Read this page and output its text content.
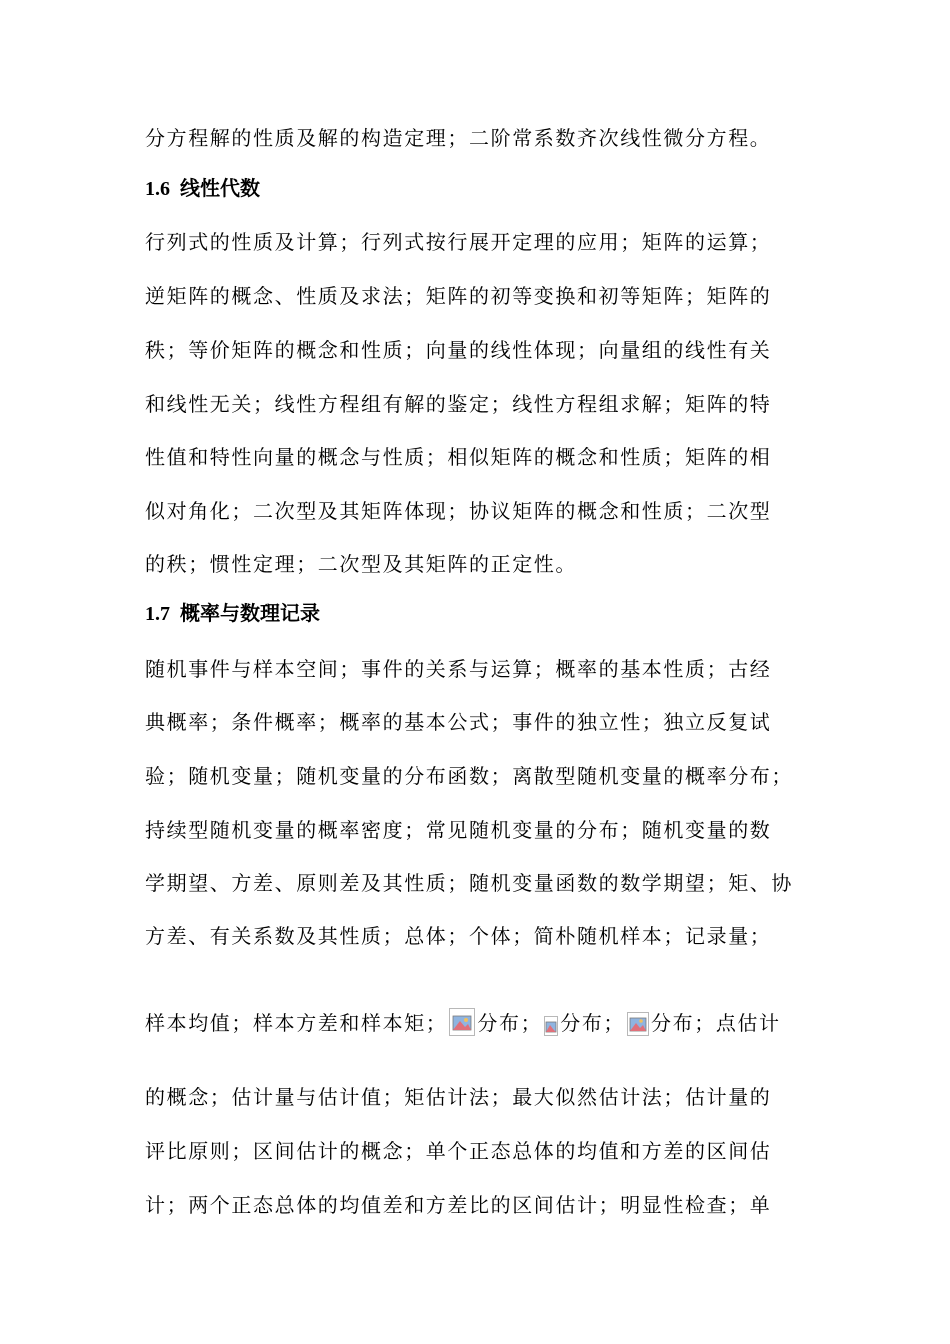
分方程解的性质及解的构造定理；二阶常系数齐次线性微分方程。
1.6 线性代数
行列式的性质及计算；行列式按行展开定理的应用；矩阵的运算；
逆矩阵的概念、性质及求法；矩阵的初等变换和初等矩阵；矩阵的
秩；等价矩阵的概念和性质；向量的线性体现；向量组的线性有关
和线性无关；线性方程组有解的鉴定；线性方程组求解；矩阵的特
性值和特性向量的概念与性质；相似矩阵的概念和性质；矩阵的相
似对角化；二次型及其矩阵体现；协议矩阵的概念和性质；二次型
的秩；惯性定理；二次型及其矩阵的正定性。
1.7 概率与数理记录
随机事件与样本空间；事件的关系与运算；概率的基本性质；古经
典概率；条件概率；概率的基本公式；事件的独立性；独立反复试
验；随机变量；随机变量的分布函数；离散型随机变量的概率分布；
持续型随机变量的概率密度；常见随机变量的分布；随机变量的数
学期望、方差、原则差及其性质；随机变量函数的数学期望；矩、协
方差、有关系数及其性质；总体；个体；简朴随机样本；记录量；
样本均值；样本方差和样本矩； 分布； 分布； 分布；点估计
的概念；估计量与估计值；矩估计法；最大似然估计法；估计量的
评比原则；区间估计的概念；单个正态总体的均值和方差的区间估
计；两个正态总体的均值差和方差比的区间估计；明显性检查；单
